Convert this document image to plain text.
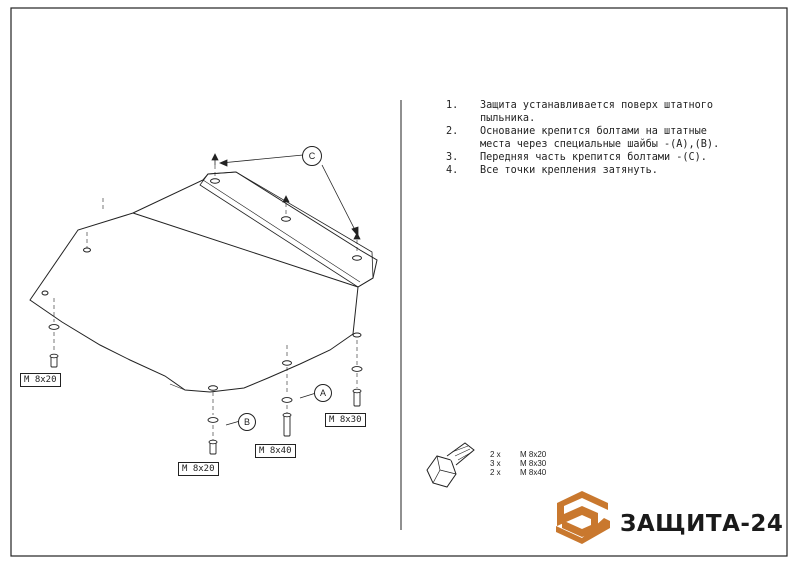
C
A
B
M 8x20
M 8x20
M 8x40
M 8x30
1.	Защита устанавливается поверх штатного
пыльника.
2.	Основание крепится болтами на штатные
места через специальные шайбы -(A),(B).
3.	Передняя часть крепится болтами -(C).
4.	Все точки крепления затянуть.
2 x	M 8x20
3 x	M 8x30
2 x	M 8x40
ЗАЩИТА-24
